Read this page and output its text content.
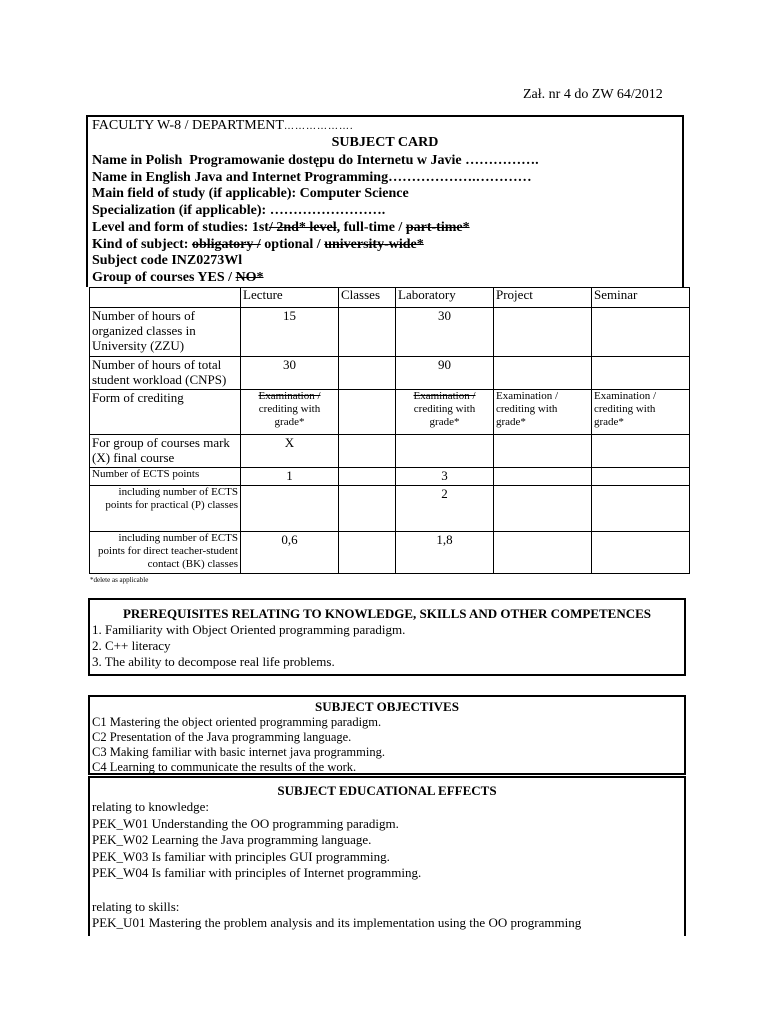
Zał. nr 4 do ZW 64/2012
FACULTY W-8 / DEPARTMENT……………….
SUBJECT CARD
Name in Polish Programowanie dostępu do Internetu w Javie …………….
Name in English Java and Internet Programming……………….…………
Main field of study (if applicable): Computer Science
Specialization (if applicable): …………………….
Level and form of studies: 1st/ 2nd* level, full-time / part-time*
Kind of subject: obligatory / optional / university-wide*
Subject code INZ0273Wl
Group of courses YES / NO*
	Lecture	Classes	Laboratory	Project	Seminar
Number of hours of organized classes in University (ZZU)	15		30		
Number of hours of total student workload (CNPS)	30		90		
Form of crediting	Examination / crediting with grade*		Examination / crediting with grade*	Examination / crediting with grade*	Examination / crediting with grade*
For group of courses mark (X) final course	X				
Number of ECTS points	1		3		
including number of ECTS points for practical (P) classes			2		
including number of ECTS points for direct teacher-student contact (BK) classes	0,6		1,8		
*delete as applicable
PREREQUISITES RELATING TO KNOWLEDGE, SKILLS AND OTHER COMPETENCES
1. Familiarity with Object Oriented programming paradigm.
2. C++ literacy
3. The ability to decompose real life problems.
SUBJECT OBJECTIVES
C1 Mastering the object oriented programming paradigm.
C2 Presentation of the Java programming language.
C3 Making familiar with basic internet java programming.
C4 Learning to communicate the results of the work.
SUBJECT EDUCATIONAL EFFECTS
relating to knowledge:
PEK_W01 Understanding the OO programming paradigm.
PEK_W02 Learning the Java programming language.
PEK_W03 Is familiar with principles GUI programming.
PEK_W04 Is familiar with principles of Internet programming.
relating to skills:
PEK_U01 Mastering the problem analysis and its implementation using the OO programming
